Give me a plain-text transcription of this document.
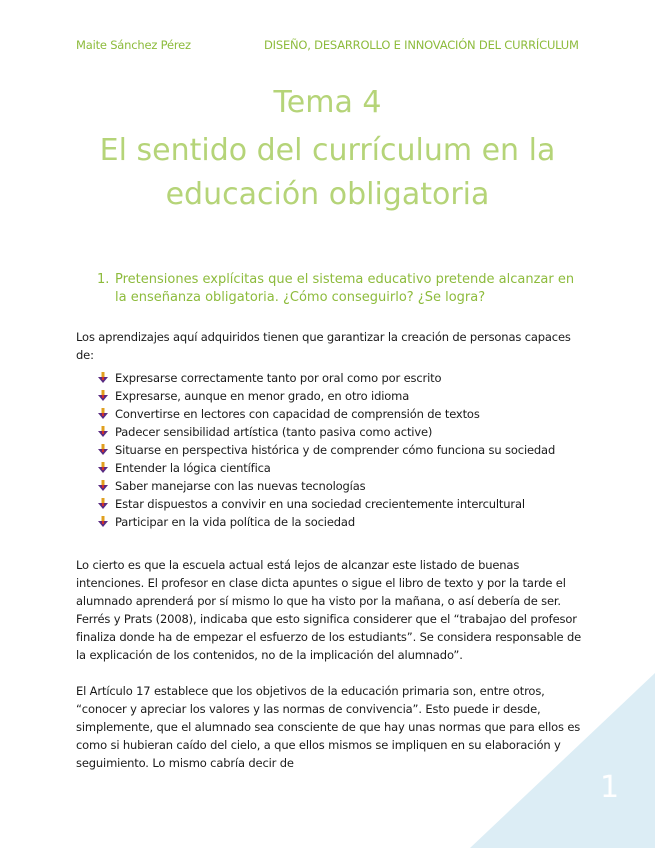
Maite Sánchez Pérez	DISEÑO, DESARROLLO E INNOVACIÓN DEL CURRÍCULUM
Tema 4
El sentido del currículum en la
educación obligatoria
1. Pretensiones explícitas que el sistema educativo pretende alcanzar en la enseñanza obligatoria. ¿Cómo conseguirlo? ¿Se logra?
Los aprendizajes aquí adquiridos tienen que garantizar la creación de personas capaces de:
Expresarse correctamente tanto por oral como por escrito
Expresarse, aunque en menor grado, en otro idioma
Convertirse en lectores con capacidad de comprensión de textos
Padecer sensibilidad artística (tanto pasiva como active)
Situarse en perspectiva histórica y de comprender cómo funciona su sociedad
Entender la lógica científica
Saber manejarse con las nuevas tecnologías
Estar dispuestos a convivir en una sociedad crecientemente intercultural
Participar en la vida política de la sociedad
Lo cierto es que la escuela actual está lejos de alcanzar este listado de buenas intenciones. El profesor en clase dicta apuntes o sigue el libro de texto y por la tarde el alumnado aprenderá por sí mismo lo que ha visto por la mañana, o así debería de ser. Ferrés y Prats (2008), indicaba que esto significa considerer que el “trabajao del profesor finaliza donde ha de empezar el esfuerzo de los estudiants”. Se considera responsable de la explicación de los contenidos, no de la implicación del alumnado”.
El Artículo 17 establece que los objetivos de la educación primaria son, entre otros, “conocer y apreciar los valores y las normas de convivencia”. Esto puede ir desde, simplemente, que el alumnado sea consciente de que hay unas normas que para ellos es como si hubieran caído del cielo, a que ellos mismos se impliquen en su elaboración y seguimiento. Lo mismo cabría decir de
1
